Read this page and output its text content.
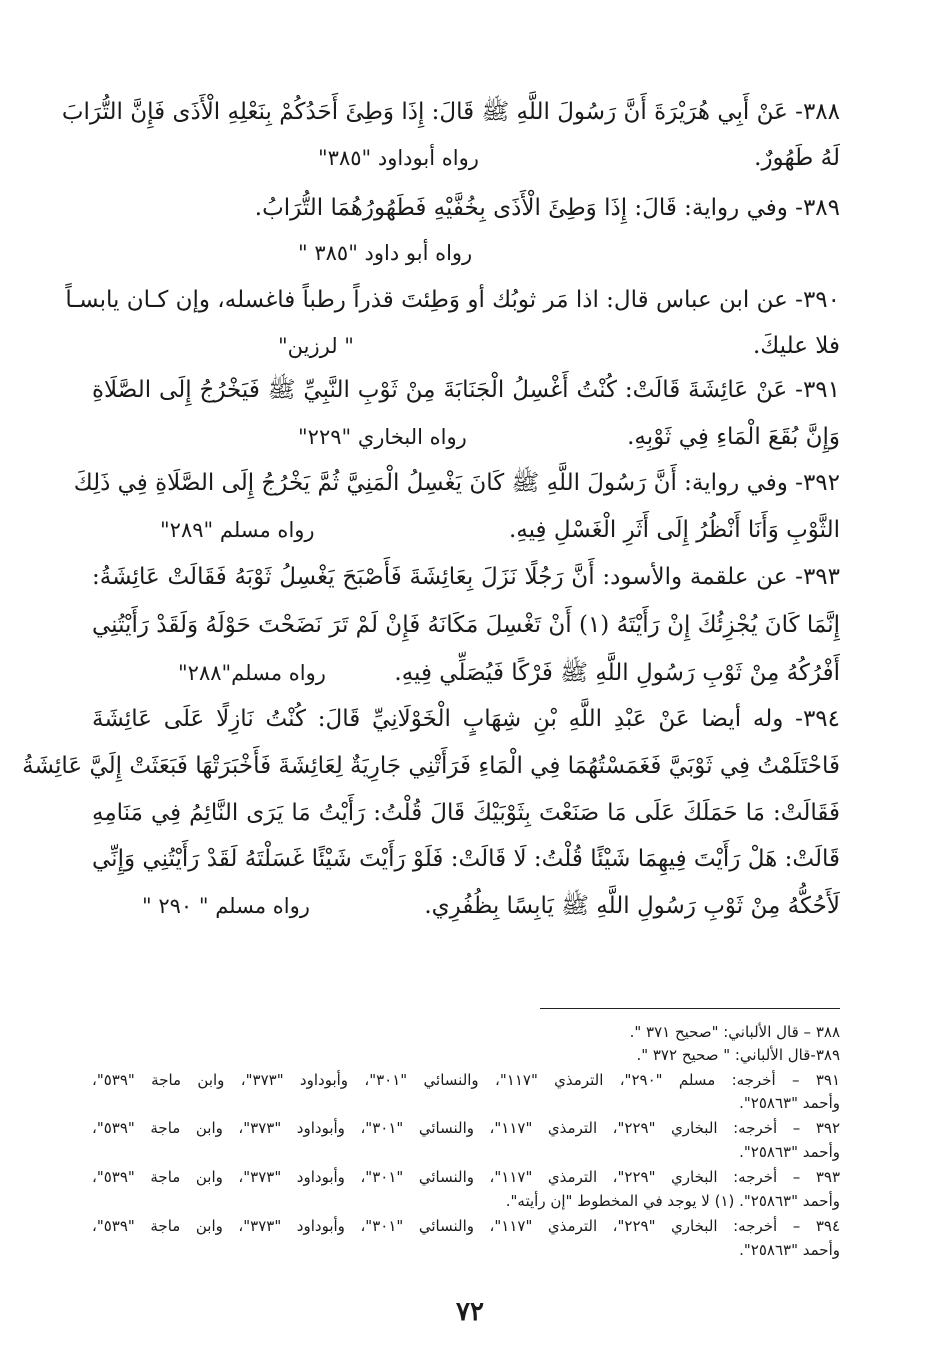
٣٨٨- عَنْ أَبِي هُرَيْرَةَ أَنَّ رَسُولَ اللَّهِ ﷺ قَالَ: إِذَا وَطِئَ أَحَدُكُمْ بِنَعْلِهِ الْأَذَى فَإِنَّ التُّرَابَ
لَهُ طَهُورٌ.
رواه أبوداود "٣٨٥"
٣٨٩- وفي رواية: قَالَ: إِذَا وَطِئَ الْأَذَى بِخُفَّيْهِ فَطَهُورُهُمَا التُّرَابُ.
رواه أبو داود "٣٨٥ "
٣٩٠- عن ابن عباس قال: اذا مَر ثوبُك أو وَطِئتَ قذراً رطباً فاغسله، وإن كـان يابسـاً
فلا عليكَ.
" لرزين"
٣٩١- عَنْ عَائِشَةَ قَالَتْ: كُنْتُ أَغْسِلُ الْجَنَابَةَ مِنْ ثَوْبِ النَّبِيِّ ﷺ فَيَخْرُجُ إِلَى الصَّلَاةِ
وَإِنَّ بُقَعَ الْمَاءِ فِي ثَوْبِهِ.
رواه البخاري "٢٢٩"
٣٩٢- وفي رواية: أَنَّ رَسُولَ اللَّهِ ﷺ كَانَ يَغْسِلُ الْمَنِيَّ ثُمَّ يَخْرُجُ إِلَى الصَّلَاةِ فِي ذَلِكَ
الثَّوْبِ وَأَنَا أَنْظُرُ إِلَى أَثَرِ الْغَسْلِ فِيهِ.
رواه مسلم "٢٨٩"
٣٩٣- عن علقمة والأسود: أَنَّ رَجُلًا نَزَلَ بِعَائِشَةَ فَأَصْبَحَ يَغْسِلُ ثَوْبَهُ فَقَالَتْ عَائِشَةُ:
إِنَّمَا كَانَ يُجْزِئُكَ إِنْ رَأَيْتَهُ (١) أَنْ تَغْسِلَ مَكَانَهُ فَإِنْ لَمْ تَرَ نَضَحْتَ حَوْلَهُ وَلَقَدْ رَأَيْتُنِي
أَفْرُكُهُ مِنْ ثَوْبِ رَسُولِ اللَّهِ ﷺ فَرْكًا فَيُصَلِّي فِيهِ.
رواه مسلم"٢٨٨"
٣٩٤- وله أيضا عَنْ عَبْدِ اللَّهِ بْنِ شِهَابٍ الْخَوْلَانِيِّ قَالَ: كُنْتُ نَازِلًا عَلَى عَائِشَةَ
فَاحْتَلَمْتُ فِي ثَوْبَيَّ فَغَمَسْتُهُمَا فِي الْمَاءِ فَرَأَتْنِي جَارِيَةٌ لِعَائِشَةَ فَأَخْبَرَتْهَا فَبَعَثَتْ إِلَيَّ عَائِشَةُ
فَقَالَتْ: مَا حَمَلَكَ عَلَى مَا صَنَعْتَ بِثَوْبَيْكَ قَالَ قُلْتُ: رَأَيْتُ مَا يَرَى النَّائِمُ فِي مَنَامِهِ
قَالَتْ: هَلْ رَأَيْتَ فِيهِمَا شَيْئًا قُلْتُ: لَا قَالَتْ: فَلَوْ رَأَيْتَ شَيْئًا غَسَلْتَهُ لَقَدْ رَأَيْتُنِي وَإِنِّي
لَأَحُكُّهُ مِنْ ثَوْبِ رَسُولِ اللَّهِ ﷺ يَابِسًا بِظُفُرِي.
رواه مسلم " ٢٩٠ "
٣٨٨ – قال الألباني: "صحيح ٣٧١ ".
٣٨٩-قال الألباني: " صحيح ٣٧٢ ".
٣٩١ – أخرجه: مسلم "٢٩٠"، الترمذي "١١٧"، والنسائي "٣٠١"، وأبوداود "٣٧٣"، وابن ماجة "٥٣٩"،
وأحمد "٢٥٨٦٣".
٣٩٢ – أخرجه: البخاري "٢٢٩"، الترمذي "١١٧"، والنسائي "٣٠١"، وأبوداود "٣٧٣"، وابن ماجة "٥٣٩"،
وأحمد "٢٥٨٦٣".
٣٩٣ – أخرجه: البخاري "٢٢٩"، الترمذي "١١٧"، والنسائي "٣٠١"، وأبوداود "٣٧٣"، وابن ماجة "٥٣٩"،
وأحمد "٢٥٨٦٣". (١) لا يوجد في المخطوط "إن رأيته".
٣٩٤ – أخرجه: البخاري "٢٢٩"، الترمذي "١١٧"، والنسائي "٣٠١"، وأبوداود "٣٧٣"، وابن ماجة "٥٣٩"،
وأحمد "٢٥٨٦٣".
٧٢
